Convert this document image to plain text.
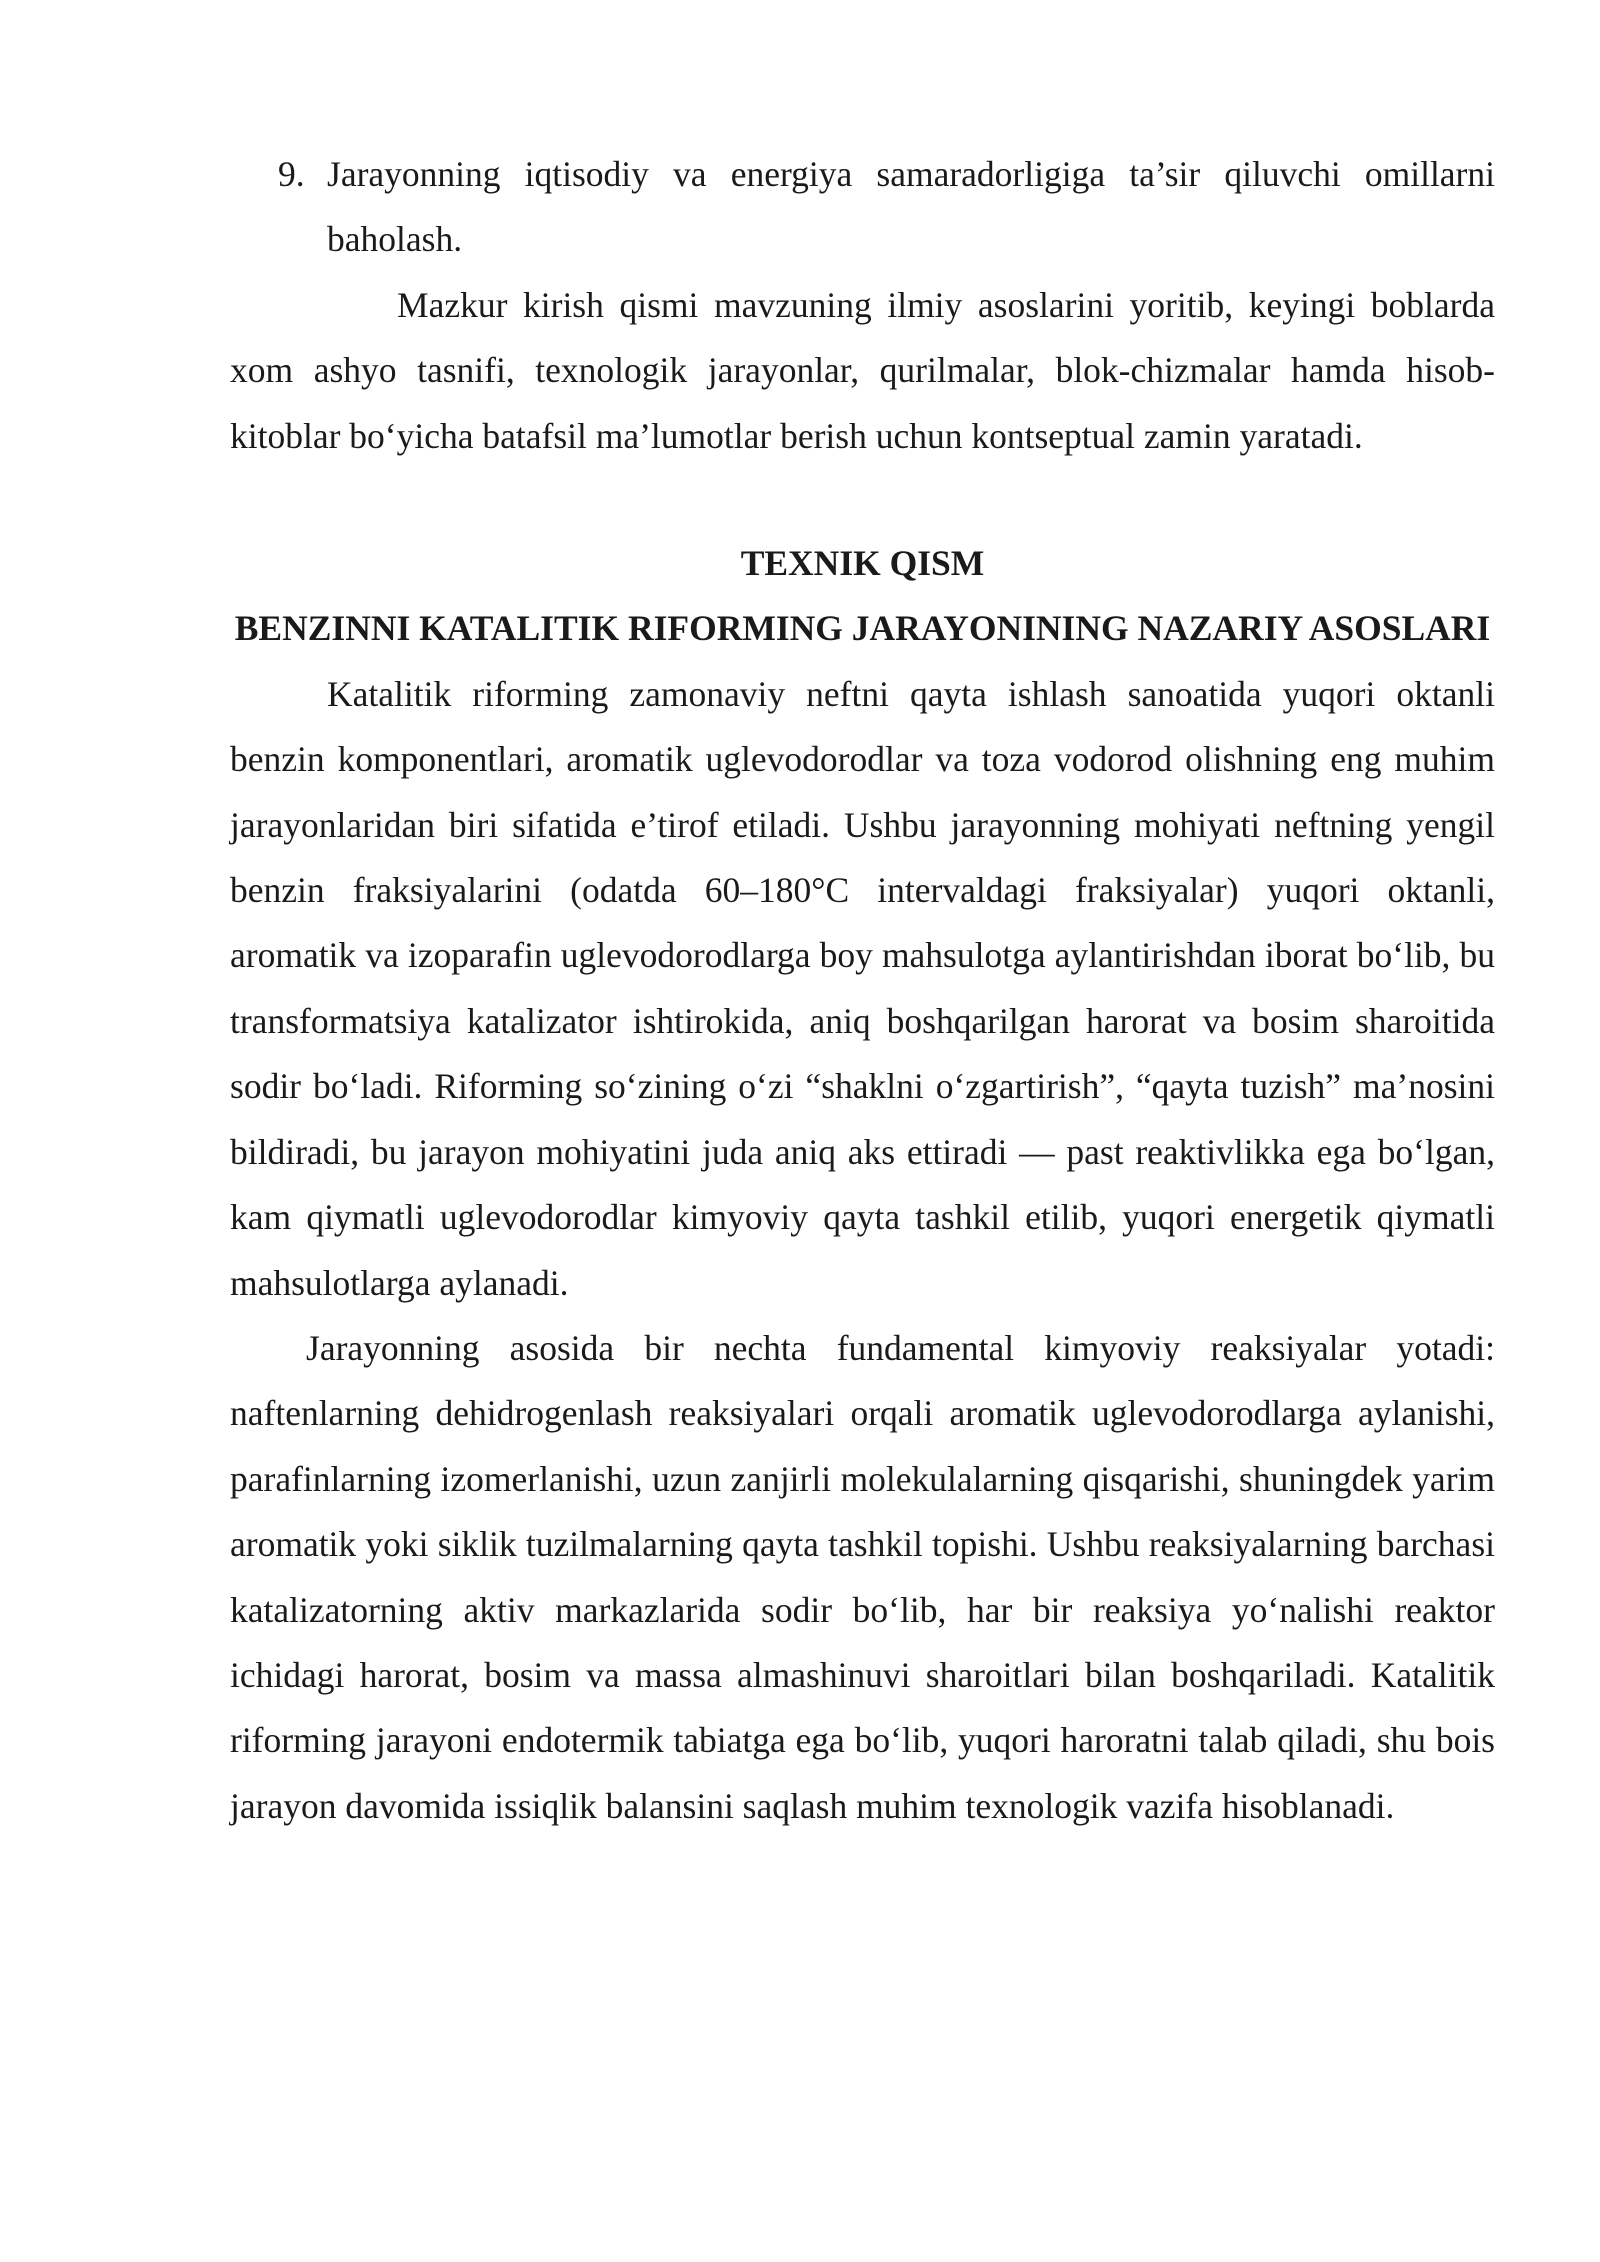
9. Jarayonning iqtisodiy va energiya samaradorligiga ta’sir qiluvchi omillarni baholash.

Mazkur kirish qismi mavzuning ilmiy asoslarini yoritib, keyingi boblarda xom ashyo tasnifi, texnologik jarayonlar, qurilmalar, blok-chizmalar hamda hisob-kitoblar bo‘yicha batafsil ma’lumotlar berish uchun kontseptual zamin yaratadi.

TEXNIK QISM

BENZINNI KATALITIK RIFORMING JARAYONINING NAZARIY ASOSLARI

Katalitik riforming zamonaviy neftni qayta ishlash sanoatida yuqori oktanli benzin komponentlari, aromatik uglevodorodlar va toza vodorod olishning eng muhim jarayonlaridan biri sifatida e’tirof etiladi. Ushbu jarayonning mohiyati neftning yengil benzin fraksiyalarini (odatda 60–180°C intervaldagi fraksiyalar) yuqori oktanli, aromatik va izoparafin uglevodorodlarga boy mahsulotga aylantirishdan iborat bo‘lib, bu transformatsiya katalizator ishtirokida, aniq boshqarilgan harorat va bosim sharoitida sodir bo‘ladi. Riforming so‘zining o‘zi “shaklni o‘zgartirish”, “qayta tuzish” ma’nosini bildiradi, bu jarayon mohiyatini juda aniq aks ettiradi — past reaktivlikka ega bo‘lgan, kam qiymatli uglevodorodlar kimyoviy qayta tashkil etilib, yuqori energetik qiymatli mahsulotlarga aylanadi.

Jarayonning asosida bir nechta fundamental kimyoviy reaksiyalar yotadi: naftenlarning dehidrogenlash reaksiyalari orqali aromatik uglevodorodlarga aylanishi, parafinlarning izomerlanishi, uzun zanjirli molekulalarning qisqarishi, shuningdek yarim aromatik yoki siklik tuzilmalarning qayta tashkil topishi. Ushbu reaksiyalarning barchasi katalizatorning aktiv markazlarida sodir bo‘lib, har bir reaksiya yo‘nalishi reaktor ichidagi harorat, bosim va massa almashinuvi sharoitlari bilan boshqariladi. Katalitik riforming jarayoni endotermik tabiatga ega bo‘lib, yuqori haroratni talab qiladi, shu bois jarayon davomida issiqlik balansini saqlash muhim texnologik vazifa hisoblanadi.
